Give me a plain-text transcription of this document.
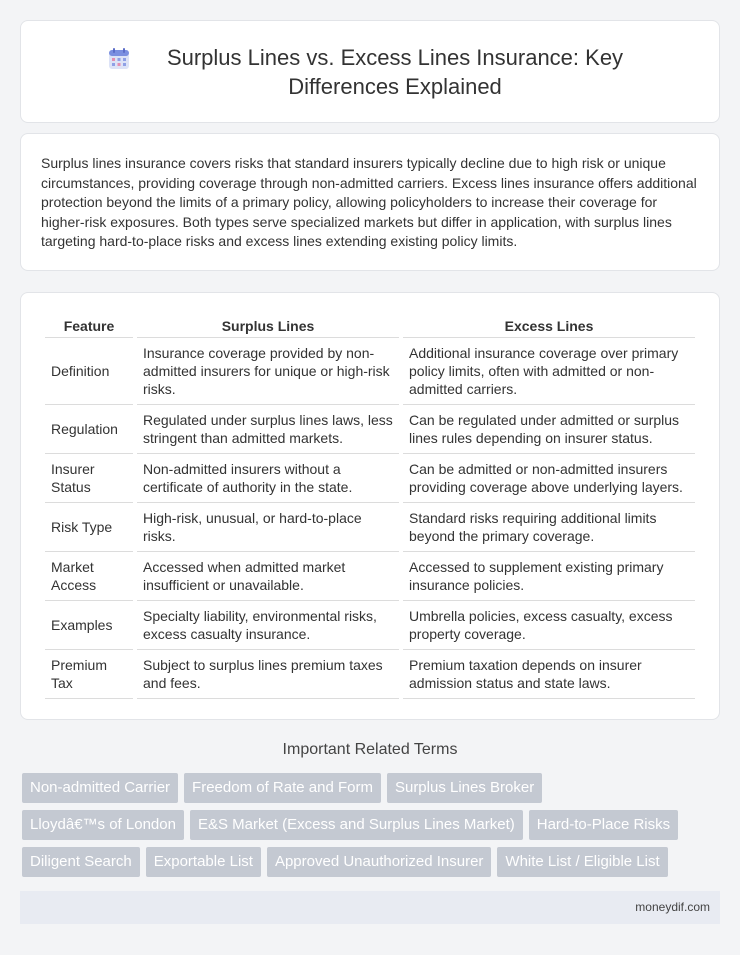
Surplus Lines vs. Excess Lines Insurance: Key Differences Explained

Surplus lines insurance covers risks that standard insurers typically decline due to high risk or unique circumstances, providing coverage through non-admitted carriers. Excess lines insurance offers additional protection beyond the limits of a primary policy, allowing policyholders to increase their coverage for higher-risk exposures. Both types serve specialized markets but differ in application, with surplus lines targeting hard-to-place risks and excess lines extending existing policy limits.

Feature	Surplus Lines	Excess Lines
Definition	Insurance coverage provided by non-admitted insurers for unique or high-risk risks.	Additional insurance coverage over primary policy limits, often with admitted or non-admitted carriers.
Regulation	Regulated under surplus lines laws, less stringent than admitted markets.	Can be regulated under admitted or surplus lines rules depending on insurer status.
Insurer Status	Non-admitted insurers without a certificate of authority in the state.	Can be admitted or non-admitted insurers providing coverage above underlying layers.
Risk Type	High-risk, unusual, or hard-to-place risks.	Standard risks requiring additional limits beyond the primary coverage.
Market Access	Accessed when admitted market insufficient or unavailable.	Accessed to supplement existing primary insurance policies.
Examples	Specialty liability, environmental risks, excess casualty insurance.	Umbrella policies, excess casualty, excess property coverage.
Premium Tax	Subject to surplus lines premium taxes and fees.	Premium taxation depends on insurer admission status and state laws.
Important Related Terms
Non-admitted Carrier	Freedom of Rate and Form	Surplus Lines Broker
Lloydâ€™s of London	E&S Market (Excess and Surplus Lines Market)	Hard-to-Place Risks
Diligent Search	Exportable List	Approved Unauthorized Insurer	White List / Eligible List
moneydif.com
